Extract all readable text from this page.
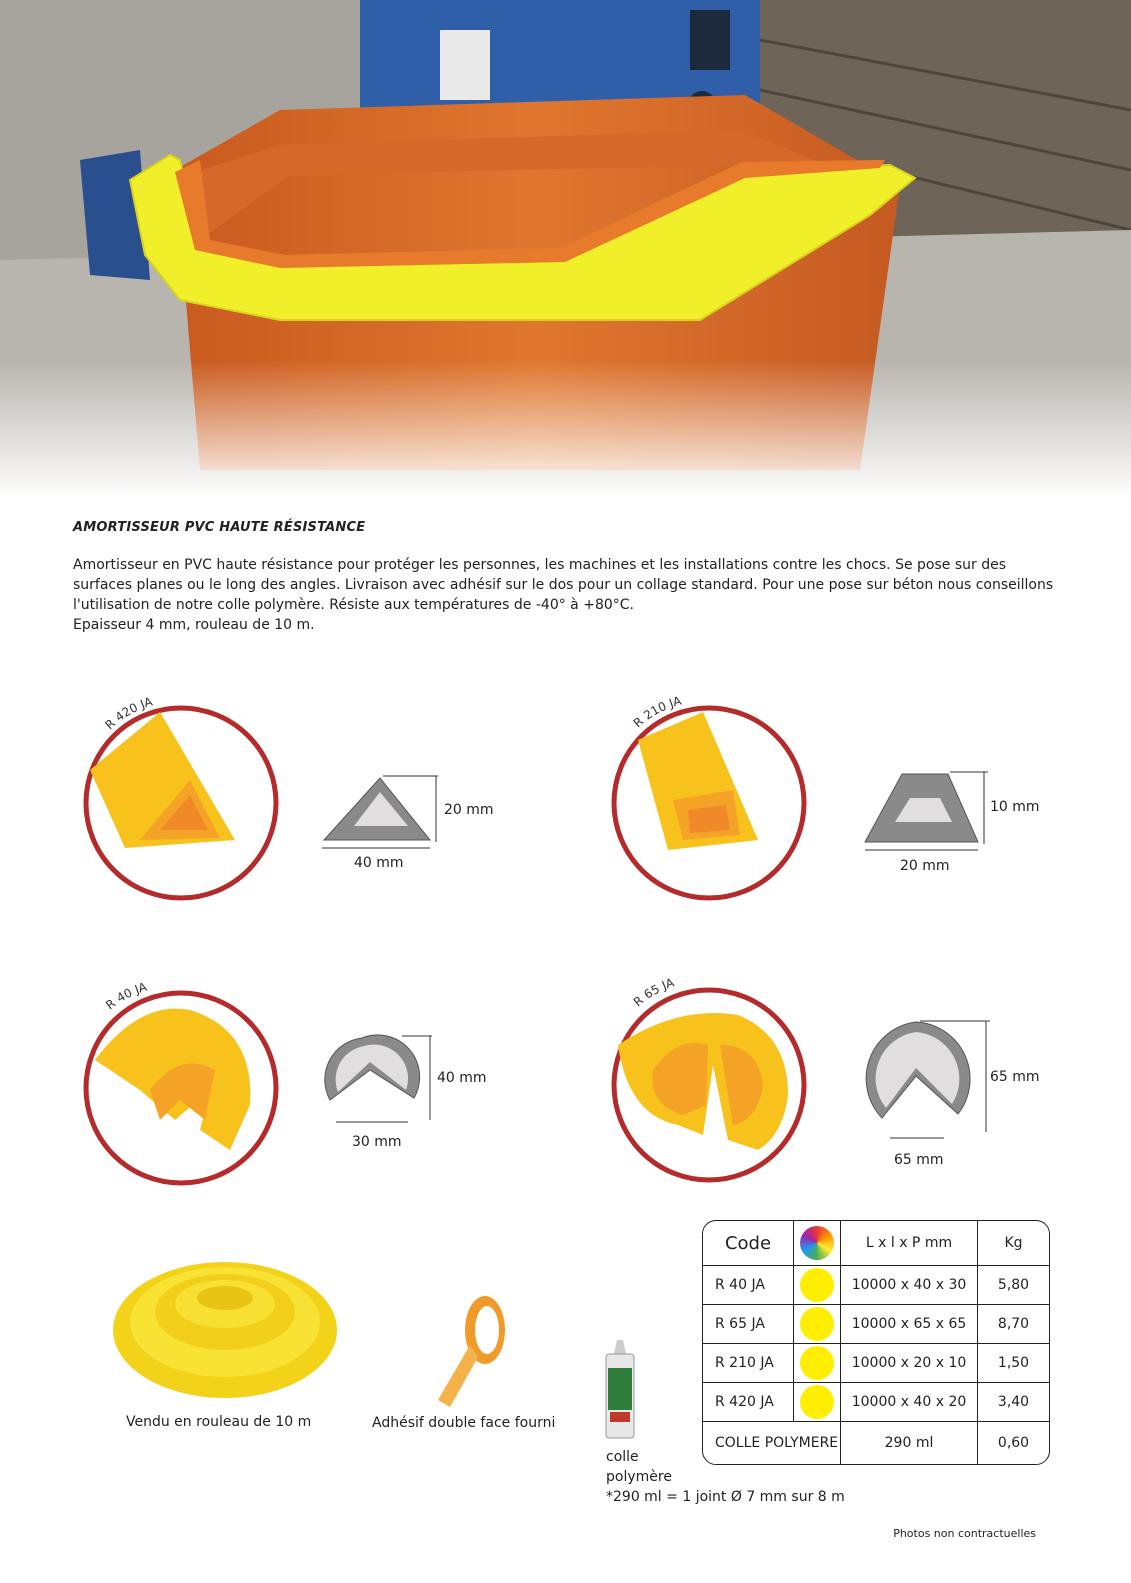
AMORTISSEUR PVC HAUTE RÉSISTANCE

Amortisseur en PVC haute résistance pour protéger les personnes, les machines et les installations contre les chocs. Se pose sur des surfaces planes ou le long des angles. Livraison avec adhésif sur le dos pour un collage standard. Pour une pose sur béton nous conseillons l'utilisation de notre colle polymère. Résiste aux températures de -40° à +80°C.

Epaisseur 4 mm, rouleau de 10 m.

R 420 JA
20 mm
40 mm
R 210 JA
10 mm
20 mm
R 40 JA
40 mm
30 mm
R 65 JA
65 mm
65 mm
Vendu en rouleau de 10 m	Adhésif double face fourni
colle
polymère
*290 ml = 1 joint Ø 7 mm sur 8 m
Code		L x l x P mm	Kg
R 40 JA		10000 x 40 x 30	5,80
R 65 JA		10000 x 65 x 65	8,70
R 210 JA		10000 x 20 x 10	1,50
R 420 JA		10000 x 40 x 20	3,40
COLLE POLYMERE		290 ml	0,60
Photos non contractuelles
